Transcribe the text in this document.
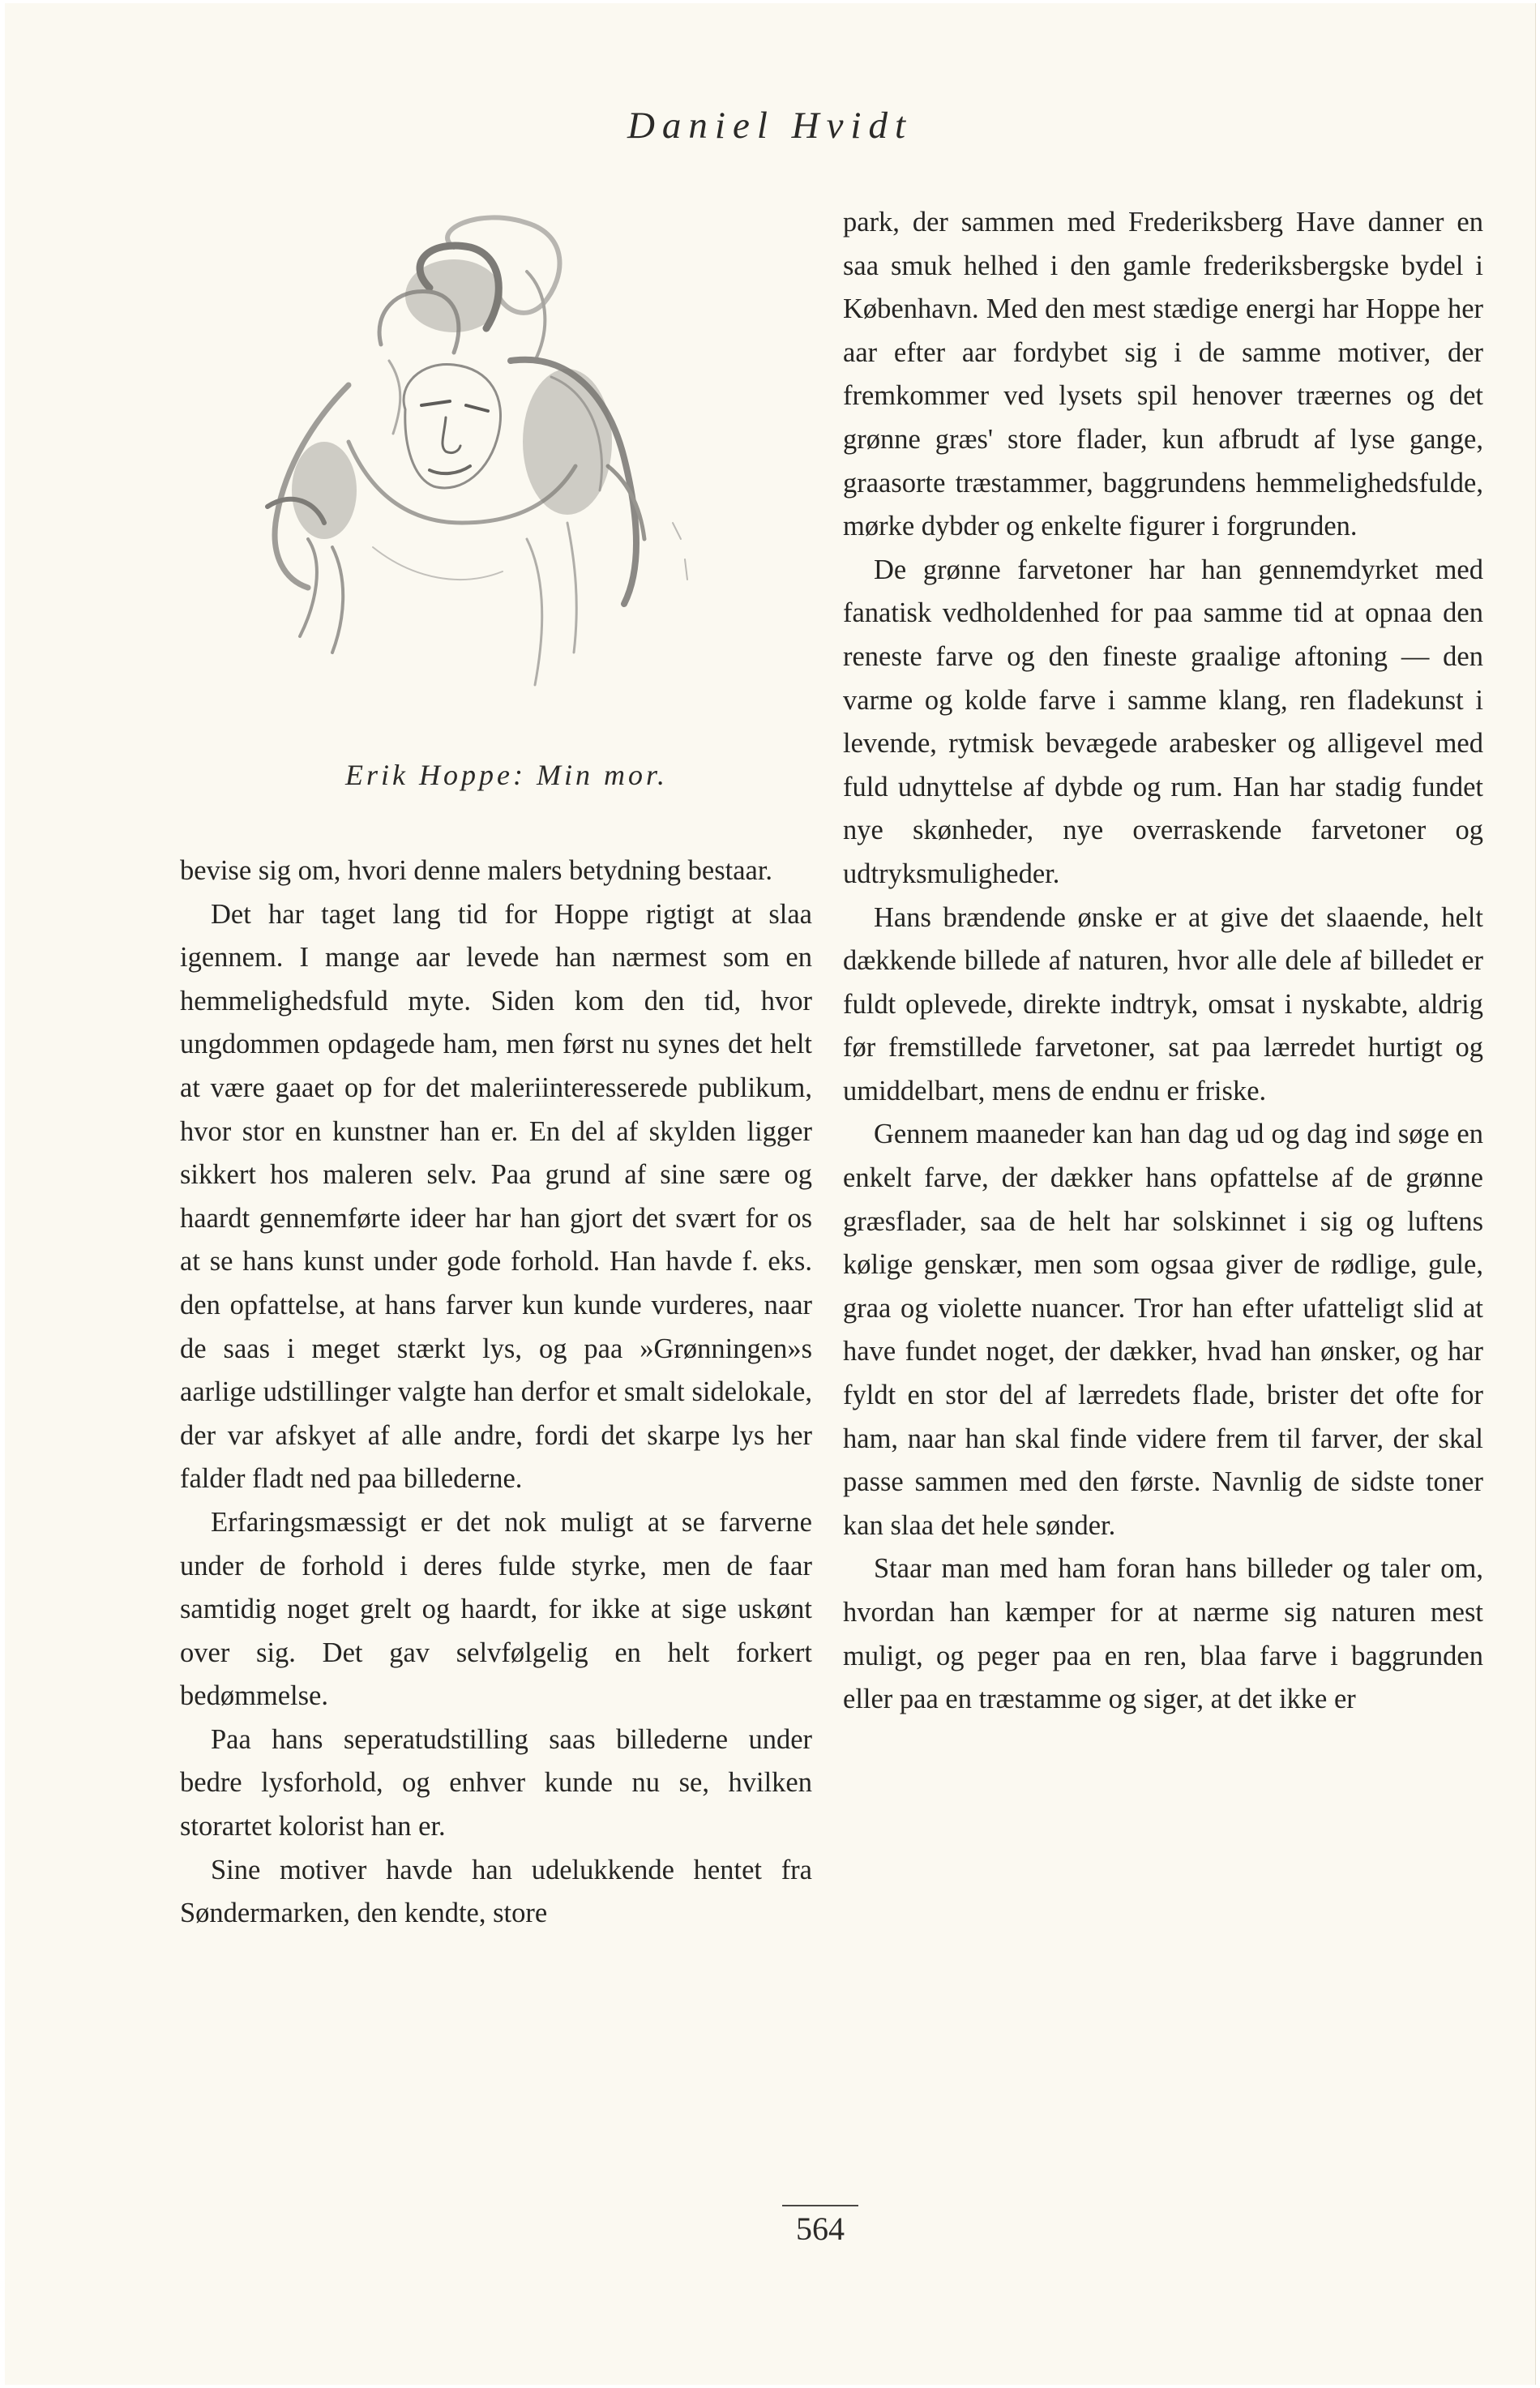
Daniel Hvidt
Erik Hoppe: Min mor.

bevise sig om, hvori denne malers betydning bestaar.

Det har taget lang tid for Hoppe rigtigt at slaa igennem. I mange aar levede han nærmest som en hemmelighedsfuld myte. Siden kom den tid, hvor ungdommen opdagede ham, men først nu synes det helt at være gaaet op for det maleriinteresserede publikum, hvor stor en kunstner han er. En del af skylden ligger sikkert hos maleren selv. Paa grund af sine sære og haardt gennemførte ideer har han gjort det svært for os at se hans kunst under gode forhold. Han havde f. eks. den opfattelse, at hans farver kun kunde vurderes, naar de saas i meget stærkt lys, og paa »Grønningen»s aarlige udstillinger valgte han derfor et smalt sidelokale, der var afskyet af alle andre, fordi det skarpe lys her falder fladt ned paa billederne.

Erfaringsmæssigt er det nok muligt at se farverne under de forhold i deres fulde styrke, men de faar samtidig noget grelt og haardt, for ikke at sige uskønt over sig. Det gav selvfølgelig en helt forkert bedømmelse.

Paa hans seperatudstilling saas billederne under bedre lysforhold, og enhver kunde nu se, hvilken storartet kolorist han er.

Sine motiver havde han udelukkende hentet fra Søndermarken, den kendte, store

park, der sammen med Frederiksberg Have danner en saa smuk helhed i den gamle frederiksbergske bydel i København. Med den mest stædige energi har Hoppe her aar efter aar fordybet sig i de samme motiver, der fremkommer ved lysets spil henover træernes og det grønne græs' store flader, kun afbrudt af lyse gange, graasorte træstammer, baggrundens hemmelighedsfulde, mørke dybder og enkelte figurer i forgrunden.

De grønne farvetoner har han gennemdyrket med fanatisk vedholdenhed for paa samme tid at opnaa den reneste farve og den fineste graalige aftoning — den varme og kolde farve i samme klang, ren fladekunst i levende, rytmisk bevægede arabesker og alligevel med fuld udnyttelse af dybde og rum. Han har stadig fundet nye skønheder, nye overraskende farvetoner og udtryksmuligheder.

Hans brændende ønske er at give det slaaende, helt dækkende billede af naturen, hvor alle dele af billedet er fuldt oplevede, direkte indtryk, omsat i nyskabte, aldrig før fremstillede farvetoner, sat paa lærredet hurtigt og umiddelbart, mens de endnu er friske.

Gennem maaneder kan han dag ud og dag ind søge en enkelt farve, der dækker hans opfattelse af de grønne græsflader, saa de helt har solskinnet i sig og luftens kølige genskær, men som ogsaa giver de rødlige, gule, graa og violette nuancer. Tror han efter ufatteligt slid at have fundet noget, der dækker, hvad han ønsker, og har fyldt en stor del af lærredets flade, brister det ofte for ham, naar han skal finde videre frem til farver, der skal passe sammen med den første. Navnlig de sidste toner kan slaa det hele sønder.

Staar man med ham foran hans billeder og taler om, hvordan han kæmper for at nærme sig naturen mest muligt, og peger paa en ren, blaa farve i baggrunden eller paa en træstamme og siger, at det ikke er

564
